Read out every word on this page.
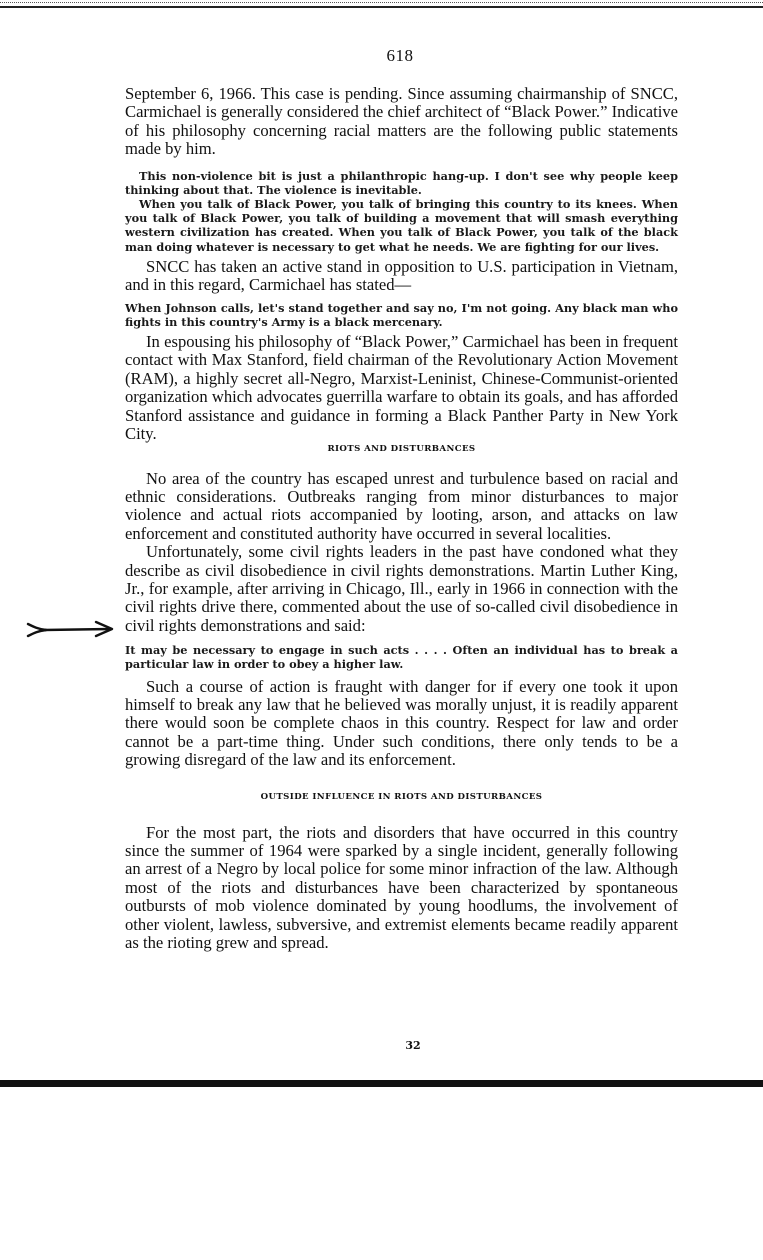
618

September 6, 1966. This case is pending. Since assuming chairmanship of SNCC, Carmichael is generally considered the chief architect of “Black Power.” Indicative of his philosophy concerning racial matters are the following public statements made by him.

This non-violence bit is just a philanthropic hang-up. I don't see why people keep thinking about that. The violence is inevitable.

When you talk of Black Power, you talk of bringing this country to its knees. When you talk of Black Power, you talk of building a movement that will smash everything western civilization has created. When you talk of Black Power, you talk of the black man doing whatever is necessary to get what he needs. We are fighting for our lives.

SNCC has taken an active stand in opposition to U.S. participation in Vietnam, and in this regard, Carmichael has stated—

When Johnson calls, let's stand together and say no, I'm not going. Any black man who fights in this country's Army is a black mercenary.

In espousing his philosophy of “Black Power,” Carmichael has been in frequent contact with Max Stanford, field chairman of the Revolutionary Action Movement (RAM), a highly secret all-Negro, Marxist-Leninist, Chinese-Communist-oriented organization which advocates guerrilla warfare to obtain its goals, and has afforded Stanford assistance and guidance in forming a Black Panther Party in New York City.

RIOTS AND DISTURBANCES

No area of the country has escaped unrest and turbulence based on racial and ethnic considerations. Outbreaks ranging from minor disturbances to major violence and actual riots accompanied by looting, arson, and attacks on law enforcement and constituted authority have occurred in several localities.

Unfortunately, some civil rights leaders in the past have condoned what they describe as civil disobedience in civil rights demonstrations. Martin Luther King, Jr., for example, after arriving in Chicago, Ill., early in 1966 in connection with the civil rights drive there, commented about the use of so-called civil disobedience in civil rights demonstrations and said:

It may be necessary to engage in such acts . . . . Often an individual has to break a particular law in order to obey a higher law.

Such a course of action is fraught with danger for if every one took it upon himself to break any law that he believed was morally unjust, it is readily apparent there would soon be complete chaos in this country. Respect for law and order cannot be a part-time thing. Under such conditions, there only tends to be a growing disregard of the law and its enforcement.

OUTSIDE INFLUENCE IN RIOTS AND DISTURBANCES

For the most part, the riots and disorders that have occurred in this country since the summer of 1964 were sparked by a single incident, generally following an arrest of a Negro by local police for some minor infraction of the law. Although most of the riots and disturbances have been characterized by spontaneous outbursts of mob violence dominated by young hoodlums, the involvement of other violent, lawless, subversive, and extremist elements became readily apparent as the rioting grew and spread.

32
